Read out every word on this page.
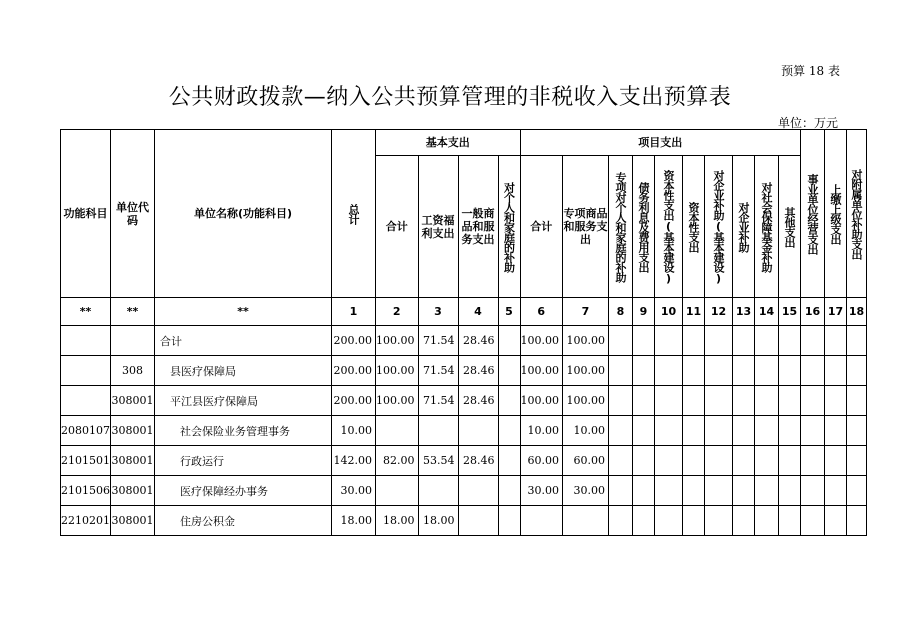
预算 18 表
公共财政拨款—纳入公共预算管理的非税收入支出预算表
单位：万元
功能科目	单位代码	单位名称(功能科目)	总计	基本支出				项目支出										事业单位经营支出	上缴上级支出	对附属单位补助支出

				合计	工资福利支出	一般商品和服务支出	对个人和家庭的补助	合计	专项商品和服务支出	专项对个人和家庭的补助	债务利息及费用支出	资本性支出(基本建设)	资本性支出	对企业补助(基本建设)	对企业补助	对社会保障基金补助	其他支出			

**	**	**	1	2	3	4	5	6	7	8	9	10	11	12	13	14	15	16	17	18
		合计	200.00	100.00	71.54	28.46		100.00	100.00											
	308	县医疗保障局	200.00	100.00	71.54	28.46		100.00	100.00											
	308001	平江县医疗保障局	200.00	100.00	71.54	28.46		100.00	100.00											
2080107	308001	社会保险业务管理事务	10.00					10.00	10.00											
2101501	308001	行政运行	142.00	82.00	53.54	28.46		60.00	60.00											
2101506	308001	医疗保障经办事务	30.00					30.00	30.00											
2210201	308001	住房公积金	18.00	18.00	18.00															
